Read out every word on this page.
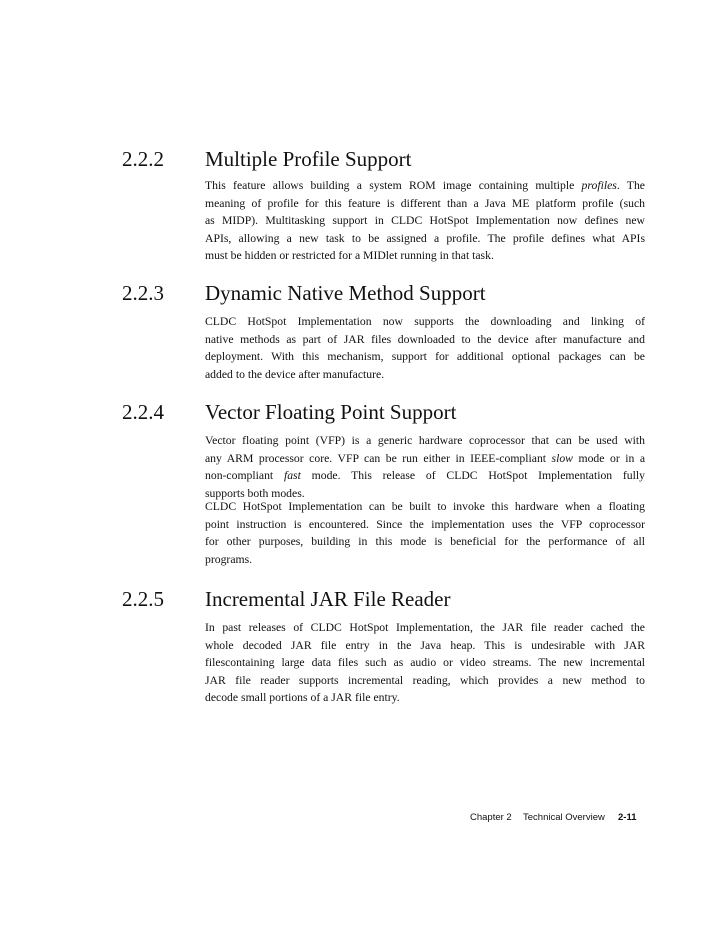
2.2.2 Multiple Profile Support

This feature allows building a system ROM image containing multiple profiles. The
meaning of profile for this feature is different than a Java ME platform profile (such
as MIDP). Multitasking support in CLDC HotSpot Implementation now defines new
APIs, allowing a new task to be assigned a profile. The profile defines what APIs
must be hidden or restricted for a MIDlet running in that task.

2.2.3 Dynamic Native Method Support

CLDC HotSpot Implementation now supports the downloading and linking of
native methods as part of JAR files downloaded to the device after manufacture and
deployment. With this mechanism, support for additional optional packages can be
added to the device after manufacture.

2.2.4 Vector Floating Point Support

Vector floating point (VFP) is a generic hardware coprocessor that can be used with
any ARM processor core. VFP can be run either in IEEE-compliant slow mode or in a
non-compliant fast mode. This release of CLDC HotSpot Implementation fully
supports both modes.

CLDC HotSpot Implementation can be built to invoke this hardware when a floating
point instruction is encountered. Since the implementation uses the VFP coprocessor
for other purposes, building in this mode is beneficial for the performance of all
programs.

2.2.5 Incremental JAR File Reader

In past releases of CLDC HotSpot Implementation, the JAR file reader cached the
whole decoded JAR file entry in the Java heap. This is undesirable with JAR
filescontaining large data files such as audio or video streams. The new incremental
JAR file reader supports incremental reading, which provides a new method to
decode small portions of a JAR file entry.

Chapter 2 Technical Overview 2-11
